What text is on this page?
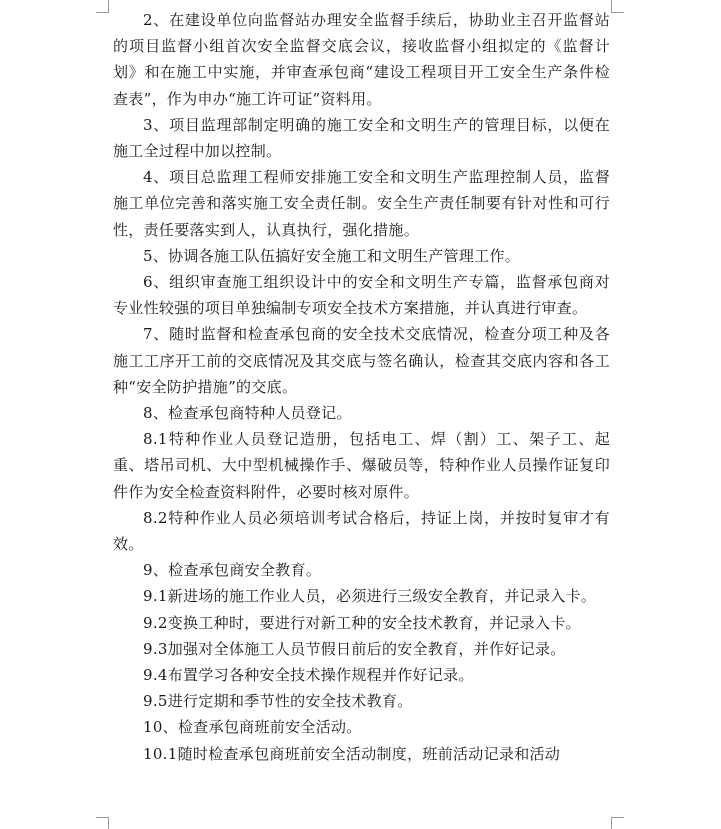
2、在建设单位向监督站办理安全监督手续后，协助业主召开监督站的项目监督小组首次安全监督交底会议，接收监督小组拟定的《监督计划》和在施工中实施，并审查承包商“建设工程项目开工安全生产条件检查表”，作为申办“施工许可证”资料用。

3、项目监理部制定明确的施工安全和文明生产的管理目标，以便在施工全过程中加以控制。

4、项目总监理工程师安排施工安全和文明生产监理控制人员，监督施工单位完善和落实施工安全责任制。安全生产责任制要有针对性和可行性，责任要落实到人，认真执行，强化措施。

5、协调各施工队伍搞好安全施工和文明生产管理工作。

6、组织审查施工组织设计中的安全和文明生产专篇，监督承包商对专业性较强的项目单独编制专项安全技术方案措施，并认真进行审查。

7、随时监督和检查承包商的安全技术交底情况，检查分项工种及各施工工序开工前的交底情况及其交底与签名确认，检查其交底内容和各工种“安全防护措施”的交底。

8、检查承包商特种人员登记。

8.1特种作业人员登记造册，包括电工、焊（割）工、架子工、起重、塔吊司机、大中型机械操作手、爆破员等，特种作业人员操作证复印件作为安全检查资料附件，必要时核对原件。

8.2特种作业人员必须培训考试合格后，持证上岗，并按时复审才有效。

9、检查承包商安全教育。

9.1新进场的施工作业人员，必须进行三级安全教育，并记录入卡。

9.2变换工种时，要进行对新工种的安全技术教育，并记录入卡。

9.3加强对全体施工人员节假日前后的安全教育，并作好记录。

9.4布置学习各种安全技术操作规程并作好记录。

9.5进行定期和季节性的安全技术教育。

10、检查承包商班前安全活动。

10.1随时检查承包商班前安全活动制度，班前活动记录和活动
